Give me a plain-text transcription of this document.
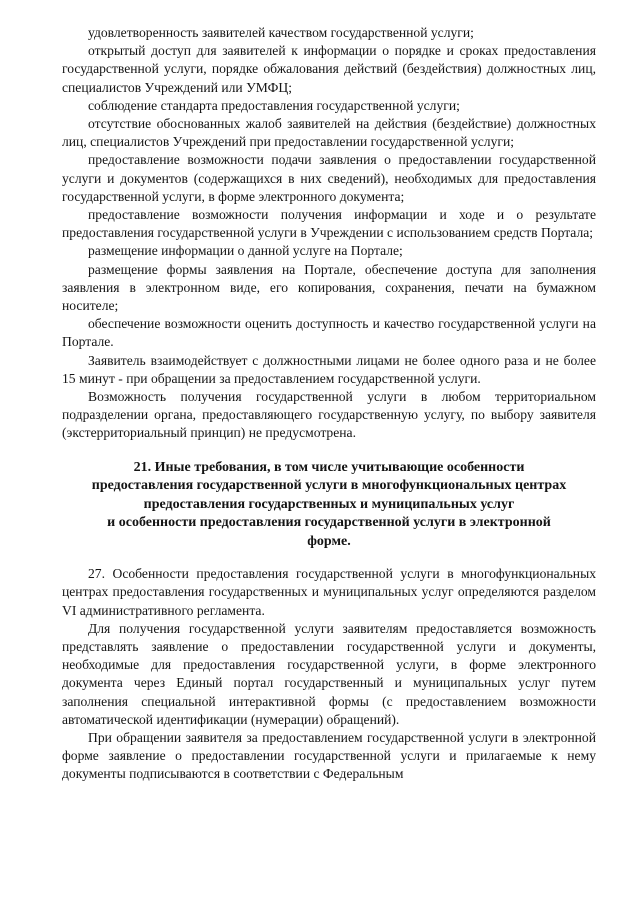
удовлетворенность заявителей качеством государственной услуги;

открытый доступ для заявителей к информации о порядке и сроках предоставления государственной услуги, порядке обжалования действий (бездействия) должностных лиц, специалистов Учреждений или УМФЦ;

соблюдение стандарта предоставления государственной услуги;

отсутствие обоснованных жалоб заявителей на действия (бездействие) должностных лиц, специалистов Учреждений при предоставлении государственной услуги;

предоставление возможности подачи заявления о предоставлении государственной услуги и документов (содержащихся в них сведений), необходимых для предоставления государственной услуги, в форме электронного документа;

предоставление возможности получения информации и ходе и о результате предоставления государственной услуги в Учреждении с использованием средств Портала;

размещение информации о данной услуге на Портале;

размещение формы заявления на Портале, обеспечение доступа для заполнения заявления в электронном виде, его копирования, сохранения, печати на бумажном носителе;

обеспечение возможности оценить доступность и качество государственной услуги на Портале.

Заявитель взаимодействует с должностными лицами не более одного раза и не более 15 минут - при обращении за предоставлением государственной услуги.

Возможность получения государственной услуги в любом территориальном подразделении органа, предоставляющего государственную услугу, по выбору заявителя (экстерриториальный принцип) не предусмотрена.

21. Иные требования, в том числе учитывающие особенности
предоставления государственной услуги в многофункциональных центрах
предоставления государственных и муниципальных услуг
и особенности предоставления государственной услуги в электронной
форме.

27. Особенности предоставления государственной услуги в многофункциональных центрах предоставления государственных и муниципальных услуг определяются разделом VI административного регламента.

Для получения государственной услуги заявителям предоставляется возможность представлять заявление о предоставлении государственной услуги и документы, необходимые для предоставления государственной услуги, в форме электронного документа через Единый портал государственный и муниципальных услуг путем заполнения специальной интерактивной формы (с предоставлением возможности автоматической идентификации (нумерации) обращений).

При обращении заявителя за предоставлением государственной услуги в электронной форме заявление о предоставлении государственной услуги и прилагаемые к нему документы подписываются в соответствии с Федеральным
